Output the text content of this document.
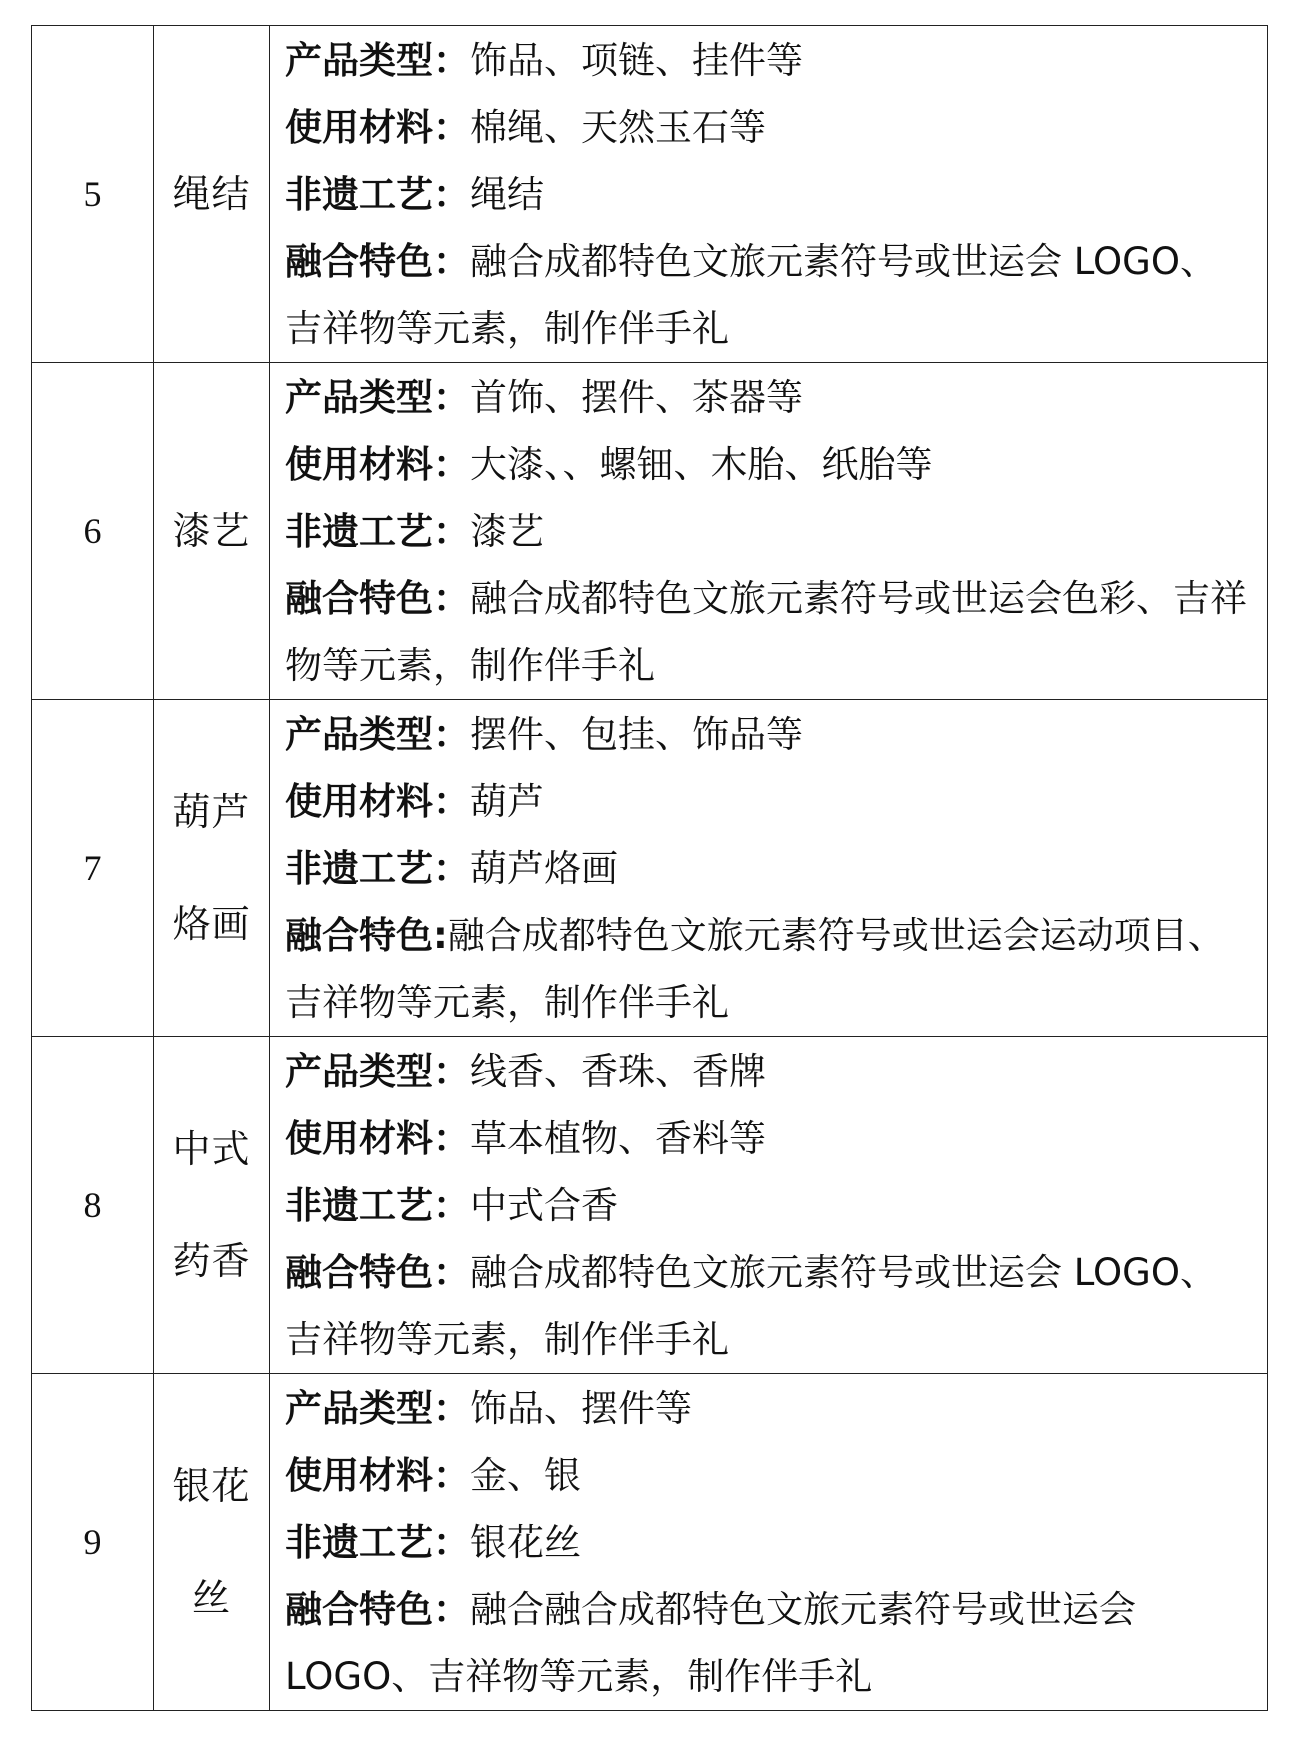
5	绳结	产品类型：饰品、项链、挂件等
使用材料：棉绳、天然玉石等
非遗工艺：绳结
融合特色：融合成都特色文旅元素符号或世运会 LOGO、吉祥物等元素，制作伴手礼

6	漆艺	产品类型：首饰、摆件、茶器等
使用材料：大漆、、螺钿、木胎、纸胎等
非遗工艺：漆艺
融合特色：融合成都特色文旅元素符号或世运会色彩、吉祥物等元素，制作伴手礼

7	葫芦烙画	产品类型：摆件、包挂、饰品等
使用材料：葫芦
非遗工艺：葫芦烙画
融合特色:融合成都特色文旅元素符号或世运会运动项目、吉祥物等元素，制作伴手礼

8	中式药香	产品类型：线香、香珠、香牌
使用材料：草本植物、香料等
非遗工艺：中式合香
融合特色：融合成都特色文旅元素符号或世运会 LOGO、吉祥物等元素，制作伴手礼

9	银花丝	产品类型：饰品、摆件等
使用材料：金、银
非遗工艺：银花丝
融合特色：融合融合成都特色文旅元素符号或世运会LOGO、吉祥物等元素，制作伴手礼
